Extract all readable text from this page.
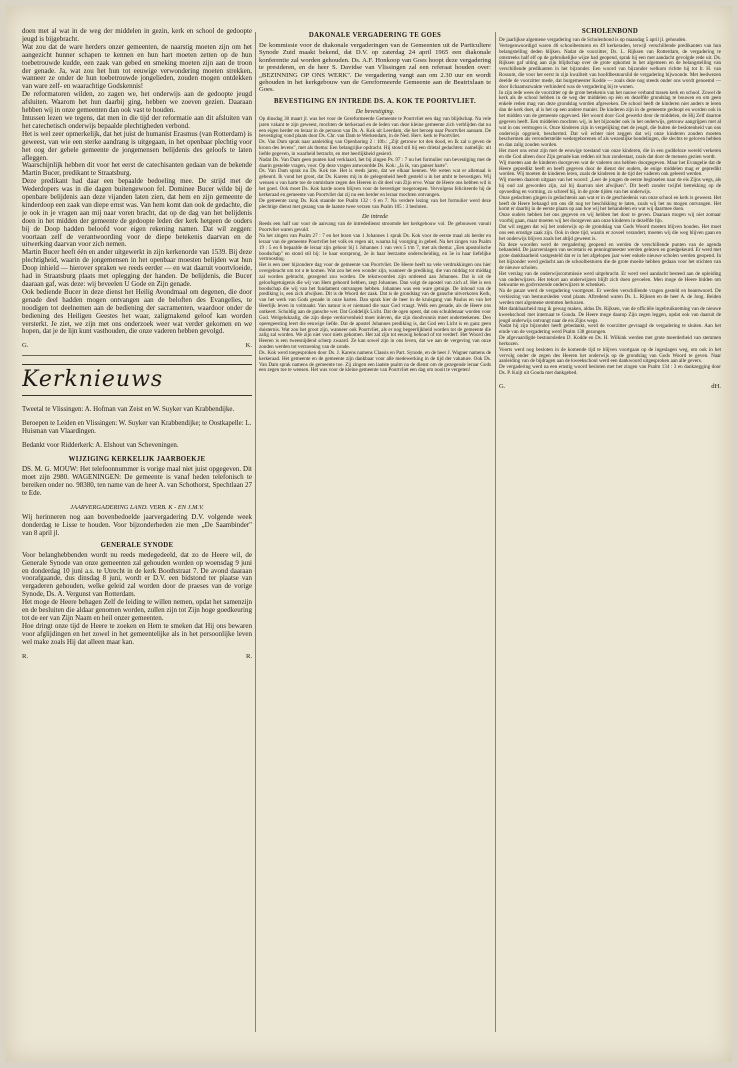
doen met al wat in de weg der middelen in gezin, kerk en school de gedoopte jeugd is bijgebracht.

Wat zou dat de ware herders onzer gemeenten, de naarstig moeten zijn om het aangezicht hunner schapen te kennen en hun hart moeten zetten op de hun toebetrouwde kudde, een zaak van gebed en smeking moeten zijn aan de troon der genade. Ja, wat zou het hun tot eeuwige verwondering moeten strekken, wanneer ze onder de hun toebetrouwde jongelieden, zouden mogen ontdekken van ware zelf- en waarachtige Godskennis!

De reformatoren wilden, zo zagen we, het onderwijs aan de gedoopte jeugd afsluiten. Waarom het hun daarbij ging, hebben we zoeven gezien. Daaraan hebben wij in onze gemeenten dan ook vast te houden.

Intussen lezen we tegens, dat men in die tijd der reformatie aan dit afsluiten van het catechetisch onderwijs bepaalde plechtigheden verbond.

Het is wel zeer opmerkelijk, dat het juist de humanist Erasmus (van Rotterdam) is geweest, van wie een sterke aandrang is uitgegaan, in het openbaar plechtig voor het oog der gehele gemeente de jongemensen belijdenis des geloofs te laten afleggen.

Waarschijnlijk hebben dit voor het eerst de catechisanten gedaan van de bekende Martin Bucer, predikant te Straatsburg.

Deze predikant had daar een bepaalde bedoeling mee. De strijd met de Wederdopers was in die dagen buitengewoon fel. Dominee Bucer wilde bij de openbare belijdenis aan deze vijanden laten zien, dat hem en zijn gemeente de kinderdoop een zaak van diepe ernst was. Van hem komt dan ook de gedachte, die je ook in je vragen aan mij naar voren bracht, dat op de dag van het belijdenis doen in het midden der gemeente de gedoopte leden der kerk hetgeen de ouders bij de Doop hadden beloofd voor eigen rekening namen. Dat wil zeggen: voortaan zelf de verantwoording voor de diepe betekenis daarvan en de uitwerking daarvan voor zich nemen.

Martin Bucer heeft één en ander uitgewerkt in zijn kerkenorde van 1539. Bij deze plechtigheid, waarin de jongemensen in het openbaar moesten belijden wat hun Doop inhield — hierover spraken we reeds eerder — en wat daaruit voortvloeide, had in Straatsburg plaats met oplegging der handen. De belijdenis, die Bucer daaraan gaf, was deze: wij beveelen U Gode en Zijn genade.

Ook bediende Bucer in deze dienst het Heilig Avondmaal om degenen, die door genade deel hadden mogen ontvangen aan de beloften des Evangelies, te noodigen tot deelnemen aan de bediening der sacramenten, waardoor onder de bediening des Heiligen Geestes het waar, zaligmakend geloof kan worden versterkt. Je ziet, we zijn met ons onderzoek weer wat verder gekomen en we hopen, dat je de lijn kunt vasthouden, die onze vaderen hebben gevolgd.

G.	K.
Kerknieuws

Tweetal te Vlissingen: A. Hofman van Zeist en W. Suyker van Krabbendijke.

Beroepen te Leiden en Vlissingen: W. Suyker van Krabbendijke; te Oostkapelle: L. Huisman van Vlaardingen.

Bedankt voor Ridderkerk: A. Elshout van Scheveningen.

WIJZIGING KERKELIJK JAARBOEKJE

DS. M. G. MOUW: Het telefoonnummer is vorige maal niet juist opgegeven. Dit moet zijn 2980. WAGENINGEN: De gemeente is vanaf heden telefonisch te bereiken onder no. 98380, ten name van de heer A. van Schothorst, Spechtlaan 27 te Ede.

JAARVERGADERING LAND. VERB. K - EN J.M.V.

Wij herinneren nog aan bovenbedoelde jaarvergadering D.V. volgende week donderdag te Lisse te houden. Voor bijzonderheden zie men „De Saambinder" van 8 april jl.

GENERALE SYNODE

Voor belanghebbenden wordt nu reeds medegedeeld, dat zo de Heere wil, de Generale Synode van onze gemeenten zal gehouden worden op woensdag 9 juni en donderdag 10 juni a.s. te Utrecht in de kerk Boothstraat 7. De avond daaraan voorafgaande, dus dinsdag 8 juni, wordt er D.V. een bidstond ter plaatse van vergaderen gehouden, welke geleid zal worden door de praeses van de vorige Synode, Ds. A. Vergunst van Rotterdam.

Het moge de Heere behagen Zelf de leiding te willen nemen, opdat het samenzijn en de besluiten die aldaar genomen worden, zullen zijn tot Zijn hoge goedkeuring tot de eer van Zijn Naam en heil onzer gemeenten.

Hoe dringt onze tijd de Heere te zoeken en Hem te smeken dat Hij ons bewaren voor afglijdingen en het zowel in het gemeentelijke als in het persoonlijke leven wel make zoals Hij dat alleen maar kan.

R.	R.
DAKONALE VERGADERING TE GOES

De kommissie voor de diakonale vergaderingen van de Gemeenten uit de Particuliere Synode Zuid maakt bekend, dat D.V. op zaterdag 24 april 1965 een diakonale konferentie zal worden gehouden. Ds. A.F. Honkoop van Goes hoopt deze vergadering te presideren, en de heer S. Davidse van Vlissingen zal een referaat houden over: „BEZINNING OP ONS WERK". De vergadering vangt aan om 2.30 uur en wordt gehouden in het kerkgebouw van de Gereformeerde Gemeente aan de Beatrixlaan te Goes.

BEVESTIGING EN INTREDE DS. A. KOK TE POORTVLIET.
De bevestiging.

Op dinsdag 30 maart jl. was het voor de Gereformeerde Gemeente te Poortvliet een dag van blijdschap. Na vele jaren vakant te zijn geweest, mochten de kerkeraad en de leden van deze kleine gemeente zich verblijden dat nu een eigen herder en leraar in de persoon van Ds. A. Kok uit Leerdam, die het beroep naar Poortvliet aannam. De bevestiging vond plaats door Ds. Chr. van Dam te Werkendam, in de Ned. Herv. kerk te Poortvliet.

Ds. Van Dam sprak naar aanleiding van Openbaring 2 : 10b.: „Zijt getrouw tot den dood, en Ik zal u geven de kroon des levens", met als thema: Een belangrijke opdracht. Hij stond stil bij een drietal gedachten: namelijk: uit liefde gegeven, in waarheid betracht, en met heerlijkheid gesierd.

Nadat Ds. Van Dam geen punten had verklaard, het bij zingen Ps. 97 : 7 nu het formulier van bevestiging met de daarin gestelde vragen, voor. Op deze vragen antwoordde Ds. Kok: „Ja ik, van ganser harte".

Ds. Van Dam sprak nu Ds. Kok toe. Het is reeds jaren, dat we elkaar kennen. We weten wat er allemaal is gebeurd. Ik vond het groot, dat Ds. Karens mij in de gelegenheid heeft gesteld u in het ambt te bevestigen. Wij wensen u van harte toe de onmisbare zegen des Heeren in dit deel van Zijn erve. Waar de Heere ons hebben wil is het goed. Ook moet Ds. Kok harde ooren blijven voor de bevestiger toegeroepen. Vervolgens feliciteerde hij de kerkeraad en gemeente van Poortvliet dat zij nu een herder en leraar mochten ontvangen.

De gemeente zong Ds. Kok staande toe Psalm 132 : 6 en 7. Na verdere lezing van het formulier werd deze plechtige dienst met gezang van de laatste twee verzen van Psalm 105 : 3 besloten.

De intrede

Reeds een half uur voor de aanvang van de intrededienst stroomde het kerkgebouw vol. De gebouwen vanuit Poortvliet waren gevuld.

Na het zingen van Psalm 27 : 7 en het lezen van 1 Johannes 1 sprak Ds. Kok voor de eerste maal als herder en leraar van de gemeente Poortvliet het volk en regen uit, waarna hij voorging in gebed. Na het zingen van Psalm 19 : 5 en 6 bepaalde de leraar zijn gehoor bij 1 Johannes 1 van vers 5 t/m 7, met als thema: „Een apostolische boodschap" en stond stil bij: 1e haar oorsprong, 2e in haar leerzame onderscheiding, en 3e in haar liefelijke vertroosting.

Het is een zeer bijzondere dag voor de gemeente van Poortvliet. De Heere heeft na vele verdrukkingen ons hier overgebracht om tot u te komen. Wat zou het een wonder zijn, wanneer de prediking, die van middag tot middag zal worden gebracht, gezegend zou worden. De tekstwoorden zijn ontleend aan Johannes. Dat is uit de geloofsgetuigenis die wij van Hem gehoord hebben, zegt Johannes. Dan volgt de apostel van zich af. Het is een boodschap die wij van het fundament ontvangen hebben. Johannes was een ware getuige. De inhoud van de prediking is, een zich afwijken. Dit is de Woord der zaak. Dat is de grondslag van de gansche uitverkoren Kerk, van het werk van Gods genade in onze harten. Dan sprak hier de heer in de kruisgang van Paulus en van het Heerlijk leven in volmaakt. Van natuur is er niemand die naar God vraagt. Welk een genade, als de Heere ons ontkeert. Schuldig aan de gansche wet. Dat Goddelijk Licht. Dat de ogen opent, dat ons schuldenaar worden voor God. Welgelukzalig, die zijn diepe verdorvenheid moet inleven, die zijn doodvonnis moet onderteekenen. Deo operegeesting leert die eeuwige liefde. Dat de apostel Johannes prediking is, dat God een Licht is en ganz geen duisternis. Wat zou het groot zijn, wanneer ook Poortvliet, als er nog begeerlijkheid worden tot de gemeente die zalig zal worden. We zijn niet voor niets gekomen. Het zal zijn tot eeuwig behoud of tot verderf. Het Woord des Heeren is een tweesnijdend scherp zwaard. Ze kan sowel zijn in ons leven, dat we aan de vergeving van onze zonden werden tot verzoening van de zonde.

Ds. Kok werd toegesproken door Ds. J. Karens namens Classis en Part. Synode, en de heer J. Wagner namens de kerkeraad. Het gemeente en de gemeente zijn dankbaar voor alle medewerking in de tijd der vakature. Ook Ds. Van Dam sprak namens de gemeente toe. Zij zingen een laatste psalm na de dienst om de gezegende leraar Gods een zegen toe te wensen. Het was voor de kleine gemeente van Poortvliet een dag om nooit te vergeten!

SCHOLENBOND

De jaarlijkse algemene vergadering van de Scholenbond is op maandag 5 april jl. gehouden.

Vertegenwoordigd waren 46 schoolbesturen en 49 kerkeraden, terwijl verschillende predikanten van hun belangstelling deden blijken. Nadat de voorzitter, Ds. L. Rijksen van Rotterdam, de vergadering te omstreeks half elf op de gebruikelijke wijze had geopend, sprak hij een met aandacht gevolgde rede uit. Ds. Rijksen gaf uiting aan zijn blijdschap over de grote opkomst in het algemeen en de belangstelling van verschillende predikanten in het bijzonder. Een woord van bijzonder welkom richtte hij tot Ir. H. van Rossum, die voor het eerst in zijn kwaliteit van hoofdbestuurslid de vergadering bijwoonde. Met leedwezen deelde de voorzitter mede, dat burgemeester Kodde — zoals deze nog steeds onder ons wordt genoemd — door lichaamszwakte verhinderd was de vergadering bij te wonen.

In zijn rede wees de voorzitter op de grote betekenis van het nauwe verband tussen kerk en school. Zowel de kerk als de school hebben in de weg der middelen op één en dezelfde grondslag te bouwen en om geen enkele reden mag van deze grondslag worden afgeweken. De school heeft de kinderen niet anders te leren dan de kerk doet, al is het op een andere manier. De kinderen zijn in de gemeente gedoopt en worden ook in het midden van de gemeente opgevoed. Het woord door God gewerkt door de middelen, de Hij Zelf daartoe gegeven heeft. Een middelen mochten wij, in het bijzonder ook in het onderwijs, getrouw aangrijpen met al wat in ons vermogen is. Onze kinderen zijn in vergelijking met de jeugd, die buiten de beslotenheid van ons onderwijs opgroeit, beschermd. Dat wil echter niet zeggen dat wij onze kinderen zouden moeten beschermen als veronderstelde wedergeborenen of als wezenlijke bondelingen, die slechts te geloven hebben en dan zalig zouden worden.

Het moet ons ernst zijn met de eeuwige toestand van onze kinderen, die in een goddeloze wereld verkeren en die God alleen door Zijn genade kan redden uit hun zondestaat, zoals dat door de mensen gezien wordt.

Wij moeten aan de kinderen doorgeven wat de vaderen ons hebben doorgegeven. Maar het Evangelie dat de Heere gepredikt heeft en heeft gegeven door de dienst der ouders, de enige middelen mag er gepredikt worden. Wij moeten de kinderen leren, zoals de kinderen in de tijd der vaderen ook geleerd werden.

Wij moeten daarom uitgaan van het woord: „Leer de jongen de eerste beginselen naar de eis Zijns wegs, als hij oud zal geworden zijn, zal hij daarvan niet afwijken". Dit heeft zonder twijfel betrekking op de opvoeding en vorming, zo schreef hij, in de grote tijden van het onderwijs.

Onze gedachten gingen in gedachtenis aan wat er in de geschiedenis van onze school en kerk is geweest. Het heeft de Heere behaagd om ons dit nog ter beschikking te laten, zoals wij het nu mogen ontvangen. Het komt er daarbij in de eerste plaats op aan hoe wij het behandelen en wat wij daarmee doen.

Onze ouders hebben het ons gegeven en wij hebben het door te geven. Daaraan mogen wij niet zomaar voorbij gaan, maar moeten wij het doorgeven aan onze kinderen in dezelfde lijn.

Dat wil zeggen dat wij het onderwijs op de grondslag van Gods Woord moeten blijven houden. Het moet ons een ernstige zaak zijn. Ook in deze tijd, waarin er zoveel verandert, moeten wij die weg blijven gaan en het onderwijs blijven zoals het altijd geweest is.

Na deze woorden werd de vergadering geopend en werden de verschillende punten van de agenda behandeld. De jaarverslagen van secretaris en penningmeester werden gelezen en goedgekeurd. Er werd met grote dankbaarheid vastgesteld dat er in het afgelopen jaar weer enkele nieuwe scholen werden geopend. In het bijzonder werd gedacht aan de schoolbesturen die de grote moeite hebben gedaan voor het stichten van de nieuwe scholen.

Het verslag van de onderwijscommissie werd uitgebracht. Er werd veel aandacht besteed aan de opleiding van onderwijzers. Het tekort aan onderwijzers blijft zich doen gevoelen. Men moge de Heere bidden om bekwame en godvrezende onderwijzers te schenken.

Na de pauze werd de vergadering voortgezet. Er werden verschillende vragen gesteld en beantwoord. De verkiezing van bestuursleden vond plaats. Aftredend waren Ds. L. Rijksen en de heer A. de Jong. Beiden werden met algemene stemmen herkozen.

Met dankbaarheid mag ik gewag maken, aldus Ds. Rijksen, van de officiële ingebruikneming van de nieuwe kweekschool met internaat te Gouda. De Heere moge daarop Zijn zegen leggen, opdat ook van daaruit de jeugd onderwijs ontvangt naar de eis Zijns wegs.

Nadat hij zijn bijzonder heeft gebedankt, werd de voorzitter gevraagd de vergadering te sluiten. Aan het einde van de vergadering werd Psalm 138 gezongen.

De afgevaardigde bestuursleden D. Kodde en Ds. H. Wilkink werden met grote meerderheid van stemmen herkozen.

Voorts werd nog besloten in de komende tijd te blijven voortgaan op de ingeslagen weg, om ook in het vervolg onder de zegen des Heeren het onderwijs op de grondslag van Gods Woord te geven. Naar aanleiding van de bijdragen aan de kweekschool werd een dankwoord uitgesproken aan alle gevers.

De vergadering werd na een ernstig woord besloten met het zingen van Psalm 134 : 3 en dankzegging door Ds. P. Kuijt uit Gouda met dankgebed.

G.	dH.
